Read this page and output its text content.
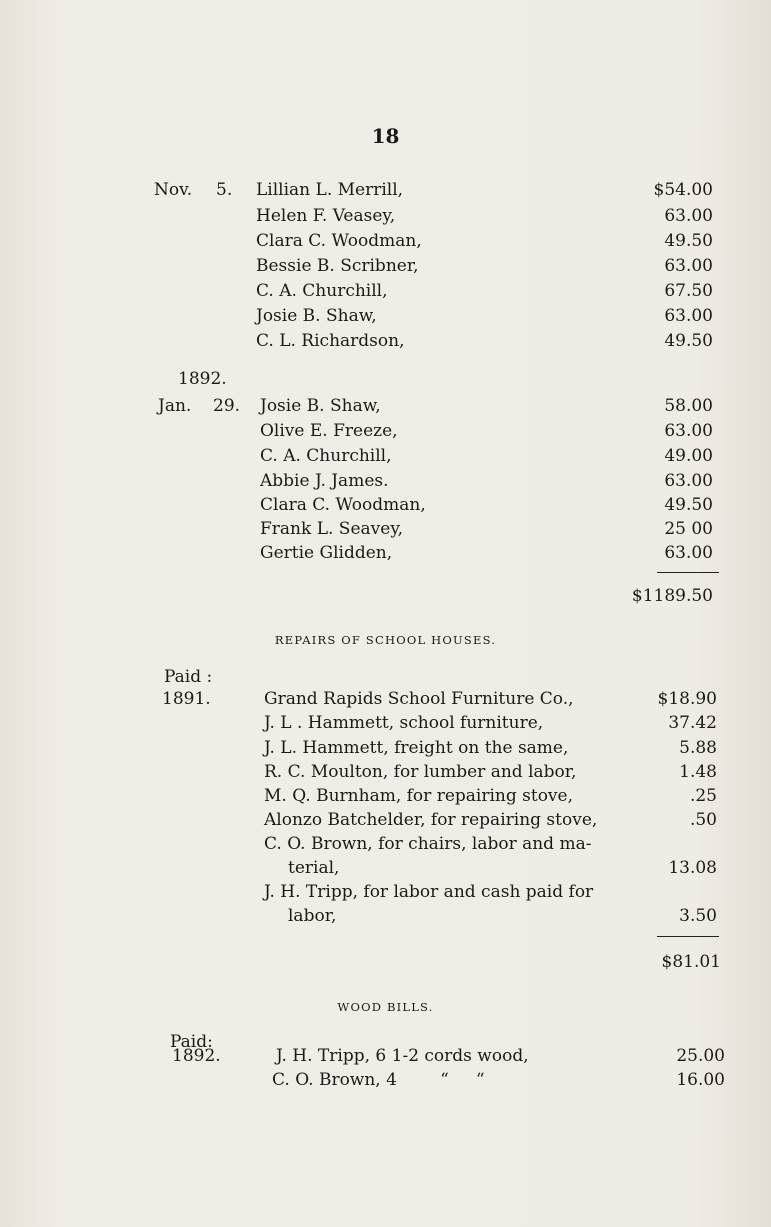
18
Nov. 5. Lillian L. Merrill,	$54.00
Helen F. Veasey,	63.00
Clara C. Woodman,	49.50
Bessie B. Scribner,	63.00
C. A. Churchill,	67.50
Josie B. Shaw,	63.00
C. L. Richardson,	49.50
1892.
Jan. 29. Josie B. Shaw,	58.00
Olive E. Freeze,	63.00
C. A. Churchill,	49.00
Abbie J. James.	63.00
Clara C. Woodman,	49.50
Frank L. Seavey,	25 00
Gertie Glidden,	63.00
$1189.50
REPAIRS OF SCHOOL HOUSES.
Paid :
1891.	Grand Rapids School Furniture Co.,	$18.90
J. L . Hammett, school furniture,	37.42
J. L. Hammett, freight on the same,	5.88
R. C. Moulton, for lumber and labor,	1.48
M. Q. Burnham, for repairing stove,	.25
Alonzo Batchelder, for repairing stove,	.50
C. O. Brown, for chairs, labor and ma-
terial,	13.08
J. H. Tripp, for labor and cash paid for
labor,	3.50
$81.01
WOOD BILLS.
Paid:
1892.	J. H. Tripp, 6 1-2 cords wood,	25.00
C. O. Brown, 4        “     “	16.00
